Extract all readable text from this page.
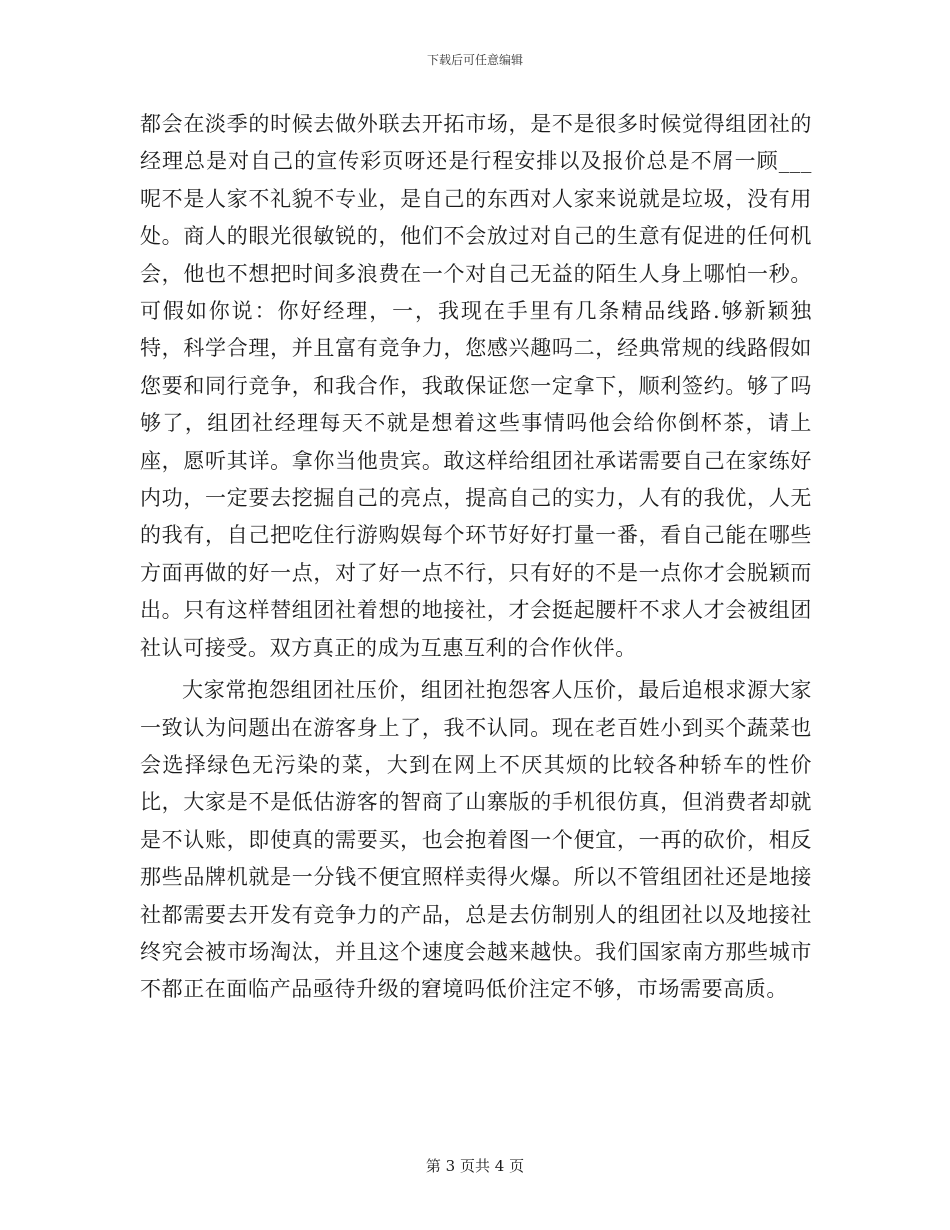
下载后可任意编辑

都会在淡季的时候去做外联去开拓市场，是不是很多时候觉得组团社的经理总是对自己的宣传彩页呀还是行程安排以及报价总是不屑一顾___呢不是人家不礼貌不专业，是自己的东西对人家来说就是垃圾，没有用处。商人的眼光很敏锐的，他们不会放过对自己的生意有促进的任何机会，他也不想把时间多浪费在一个对自己无益的陌生人身上哪怕一秒。可假如你说：你好经理，一，我现在手里有几条精品线路.够新颖独特，科学合理，并且富有竞争力，您感兴趣吗二，经典常规的线路假如您要和同行竞争，和我合作，我敢保证您一定拿下，顺利签约。够了吗够了，组团社经理每天不就是想着这些事情吗他会给你倒杯茶，请上座，愿听其详。拿你当他贵宾。敢这样给组团社承诺需要自己在家练好内功，一定要去挖掘自己的亮点，提高自己的实力，人有的我优，人无的我有，自己把吃住行游购娱每个环节好好打量一番，看自己能在哪些方面再做的好一点，对了好一点不行，只有好的不是一点你才会脱颖而出。只有这样替组团社着想的地接社，才会挺起腰杆不求人才会被组团社认可接受。双方真正的成为互惠互利的合作伙伴。

大家常抱怨组团社压价，组团社抱怨客人压价，最后追根求源大家一致认为问题出在游客身上了，我不认同。现在老百姓小到买个蔬菜也会选择绿色无污染的菜，大到在网上不厌其烦的比较各种轿车的性价比，大家是不是低估游客的智商了山寨版的手机很仿真，但消费者却就是不认账，即使真的需要买，也会抱着图一个便宜，一再的砍价，相反那些品牌机就是一分钱不便宜照样卖得火爆。所以不管组团社还是地接社都需要去开发有竞争力的产品，总是去仿制别人的组团社以及地接社终究会被市场淘汰，并且这个速度会越来越快。我们国家南方那些城市不都正在面临产品亟待升级的窘境吗低价注定不够，市场需要高质。

第 3 页共 4 页
